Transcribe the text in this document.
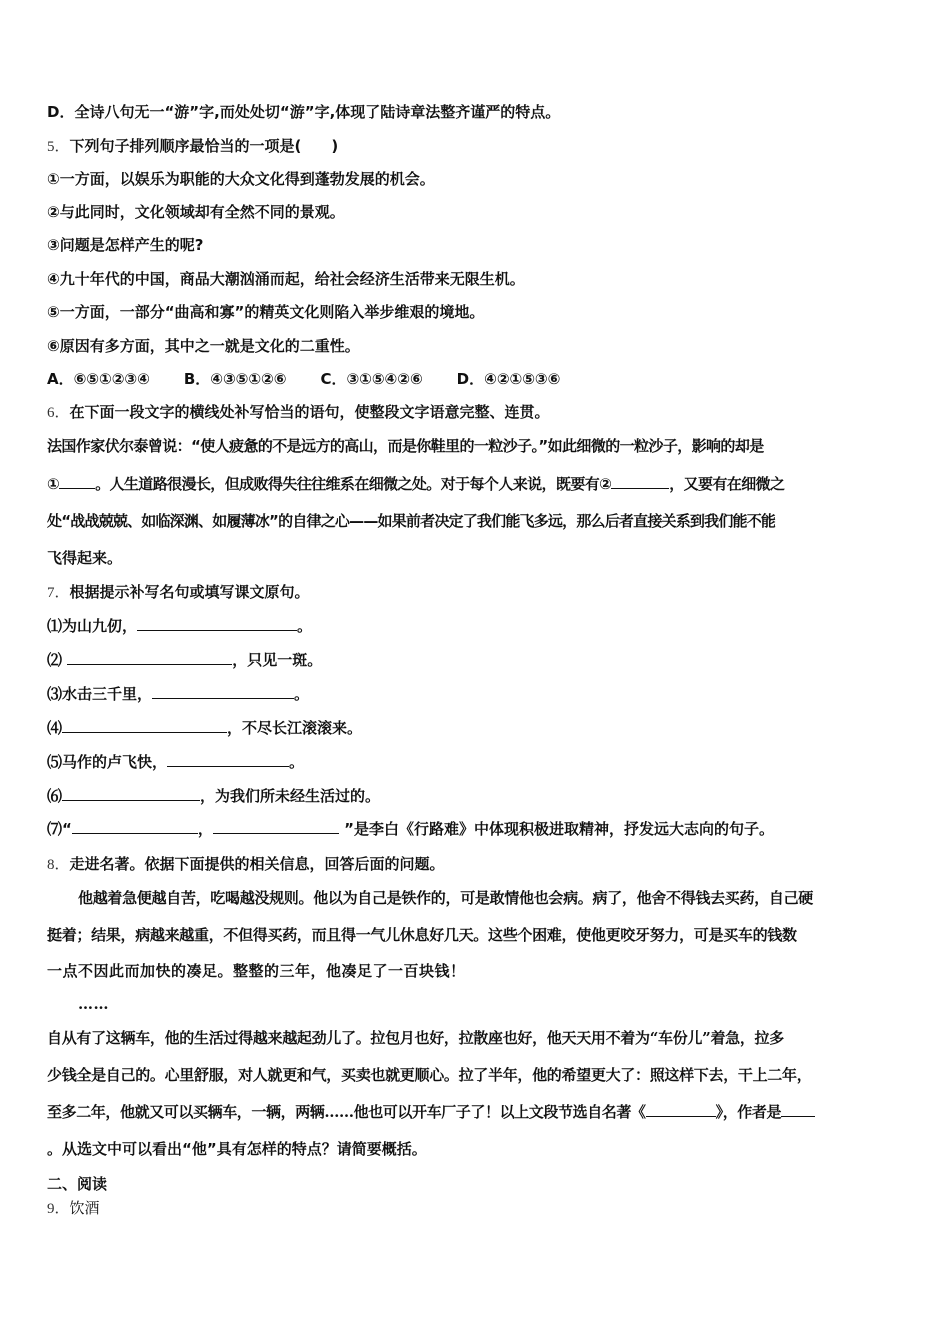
D．全诗八句无一“游”字,而处处切“游”字,体现了陆诗章法整齐谨严的特点。
5．下列句子排列顺序最恰当的一项是(　　)
①一方面，以娱乐为职能的大众文化得到蓬勃发展的机会。
②与此同时，文化领域却有全然不同的景观。
③问题是怎样产生的呢?
④九十年代的中国，商品大潮汹涌而起，给社会经济生活带来无限生机。
⑤一方面，一部分“曲高和寡”的精英文化则陷入举步维艰的境地。
⑥原因有多方面，其中之一就是文化的二重性。
A．⑥⑤①②③④ B．④③⑤①②⑥ C．③①⑤④②⑥ D．④②①⑤③⑥
6．在下面一段文字的横线处补写恰当的语句，使整段文字语意完整、连贯。
法国作家伏尔泰曾说：“使人疲惫的不是远方的高山，而是你鞋里的一粒沙子。”如此细微的一粒沙子，影响的却是
① 。人生道路很漫长，但成败得失往往维系在细微之处。对于每个人来说，既要有②	，又要有在细微之
处“战战兢兢、如临深渊、如履薄冰”的自律之心——如果前者决定了我们能飞多远，那么后者直接关系到我们能不能
飞得起来。
7．根据提示补写名句或填写课文原句。
⑴为山九仞，	。
⑵	，只见一斑。
⑶水击三千里，	。
⑷	，不尽长江滚滚来。
⑸马作的卢飞快，	。
⑹	，为我们所未经生活过的。
⑺“	，	”是李白《行路难》中体现积极进取精神，抒发远大志向的句子。
8．走进名著。依据下面提供的相关信息，回答后面的问题。
他越着急便越自苦，吃喝越没规则。他以为自己是铁作的，可是敢情他也会病。病了，他舍不得钱去买药，自己硬
挺着；结果，病越来越重，不但得买药，而且得一气儿休息好几天。这些个困难，使他更咬牙努力，可是买车的钱数
一点不因此而加快的凑足。整整的三年，他凑足了一百块钱！
……
自从有了这辆车，他的生活过得越来越起劲儿了。拉包月也好，拉散座也好，他天天用不着为“车份儿”着急，拉多
少钱全是自己的。心里舒服，对人就更和气，买卖也就更顺心。拉了半年，他的希望更大了：照这样下去，干上二年，
至多二年，他就又可以买辆车，一辆，两辆……他也可以开车厂子了！以上文段节选自名著《	》，作者是
。从选文中可以看出“他”具有怎样的特点？请简要概括。
二、阅读
9．饮酒
